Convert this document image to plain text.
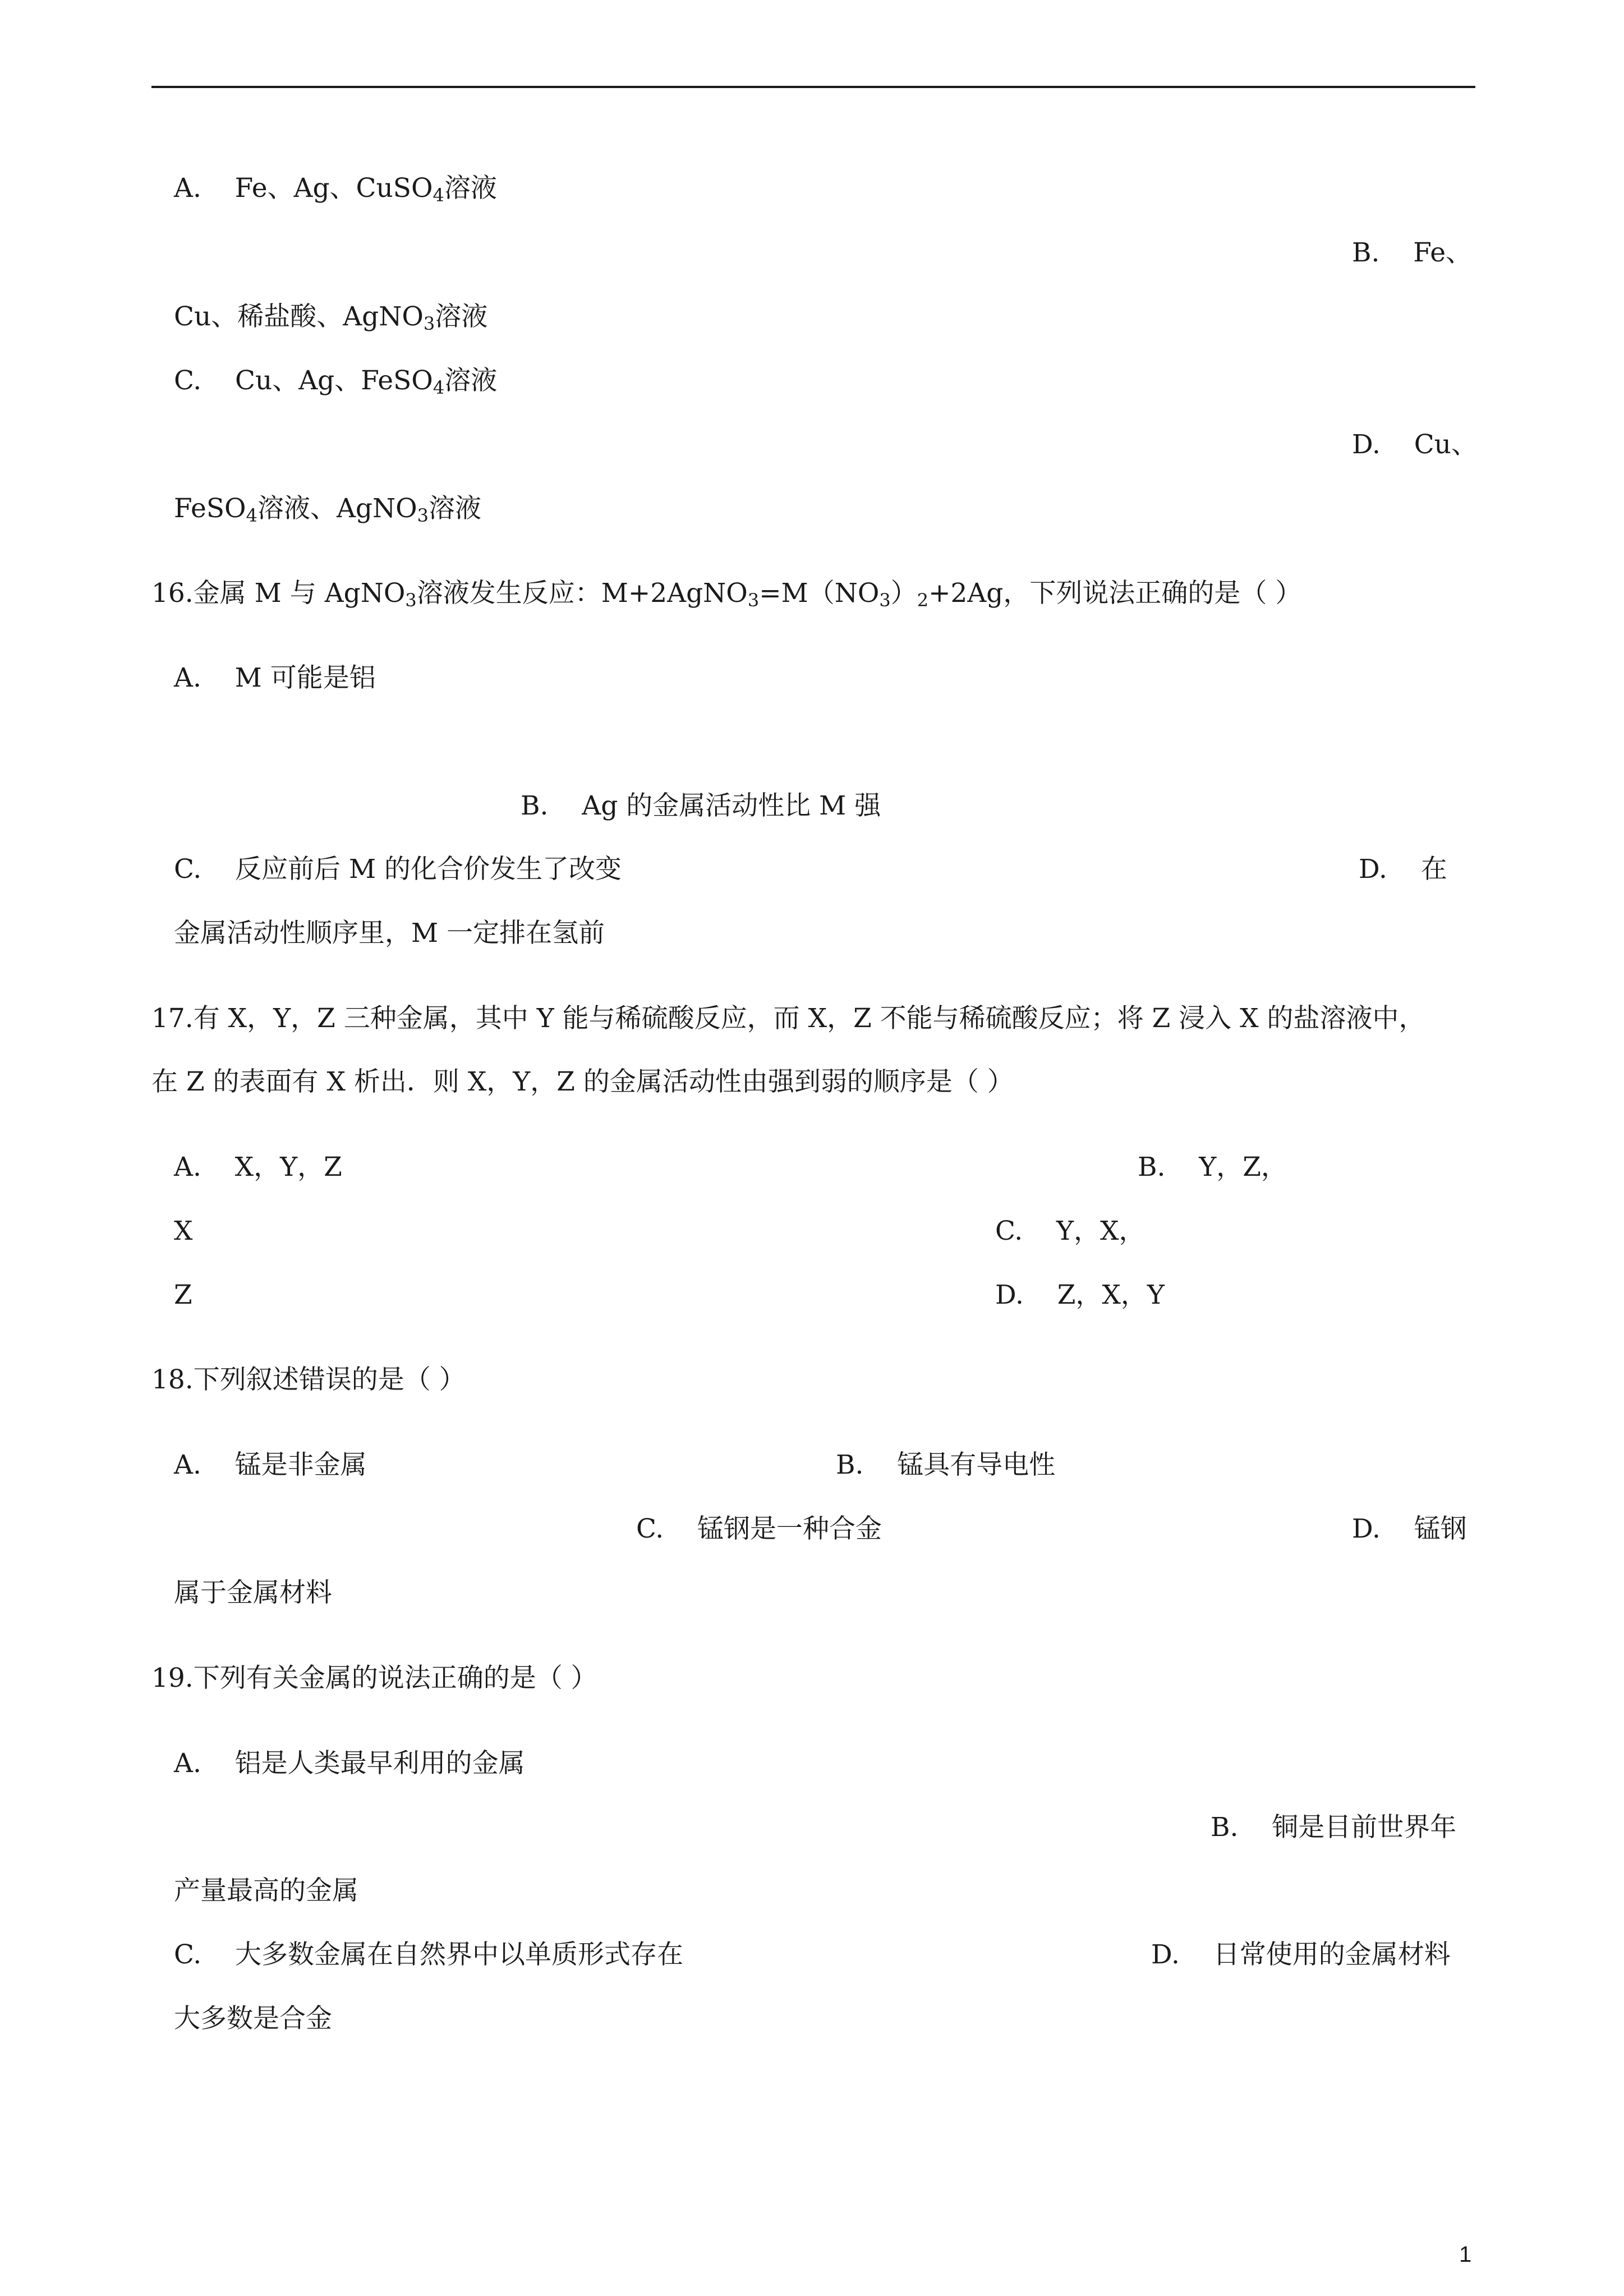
A. Fe、Ag、CuSO$_4$溶液
B. Fe、
Cu、稀盐酸、AgNO$_3$溶液
C. Cu、Ag、FeSO$_4$溶液
D. Cu、
FeSO$_4$溶液、AgNO$_3$溶液
16.金属 M 与 AgNO$_3$溶液发生反应：$M+2AgNO_3=M(NO_3)_2+2Ag$，下列说法正确的是（ ）
A. M 可能是铝
B. Ag 的金属活动性比 M 强
C. 反应前后 M 的化合价发生了改变	D. 在
金属活动性顺序里，M 一定排在氢前
17.有 X，Y，Z 三种金属，其中 Y 能与稀硫酸反应，而 X，Z 不能与稀硫酸反应；将 Z 浸入 X 的盐溶液中，
在 Z 的表面有 X 析出．则 X，Y，Z 的金属活动性由强到弱的顺序是（ ）
A. X，Y，Z	B. Y，Z，
X	C. Y，X，
Z	D. Z，X，Y
18.下列叙述错误的是（ ）
A. 锰是非金属	B. 锰具有导电性
C. 锰钢是一种合金	D. 锰钢
属于金属材料
19.下列有关金属的说法正确的是（ ）
A. 铝是人类最早利用的金属
B. 铜是目前世界年
产量最高的金属
C. 大多数金属在自然界中以单质形式存在	D. 日常使用的金属材料
大多数是合金
1
